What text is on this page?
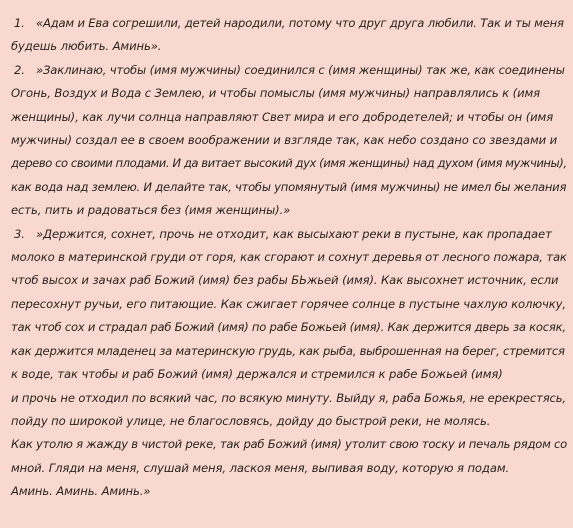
1. «Адам и Ева согрешили, детей народили, потому что друг друга любили. Так и ты меня
будешь любить. Аминь».
2. »Заклинаю, чтобы (имя мужчины) соединился с (имя женщины) так же, как соединены
Огонь, Воздух и Вода с Землею, и чтобы помыслы (имя мужчины) направлялись к (имя
женщины), как лучи солнца направляют Свет мира и его добродетелей; и чтобы он (имя
мужчины) создал ее в своем воображении и взгляде так, как небо создано со звездами и
дерево со своими плодами. И да витает высокий дух (имя женщины) над духом (имя мужчины),
как вода над землею. И делайте так, чтобы упомянутый (имя мужчины) не имел бы желания
есть, пить и радоваться без (имя женщины).»
3. »Держится, сохнет, прочь не отходит, как высыхают реки в пустыне, как пропадает
молоко в материнской груди от горя, как сгорают и сохнут деревья от лесного пожара, так
чтоб высох и зачах раб Божий (имя) без рабы БЬжьей (имя). Как высохнет источник, если
пересохнут ручьи, его питающие. Как сжигает горячее солнце в пустыне чахлую колючку,
так чтоб сох и страдал раб Божий (имя) по рабе Божьей (имя). Как держится дверь за косяк,
как держится младенец за материнскую грудь, как рыба, выброшенная на берег, стремится
к воде, так чтобы и раб Божий (имя) держался и стремился к рабе Божьей (имя)
и прочь не отходил по всякий час, по всякую минуту. Выйду я, раба Божья, не ерекрестясь,
пойду по широкой улице, не благословясь, дойду до быстрой реки, не молясь.
Как утолю я жажду в чистой реке, так раб Божий (имя) утолит свою тоску и печаль рядом со
мной. Гляди на меня, слушай меня, ласкоя меня, выпивая воду, которую я подам.
Аминь. Аминь. Аминь.»
